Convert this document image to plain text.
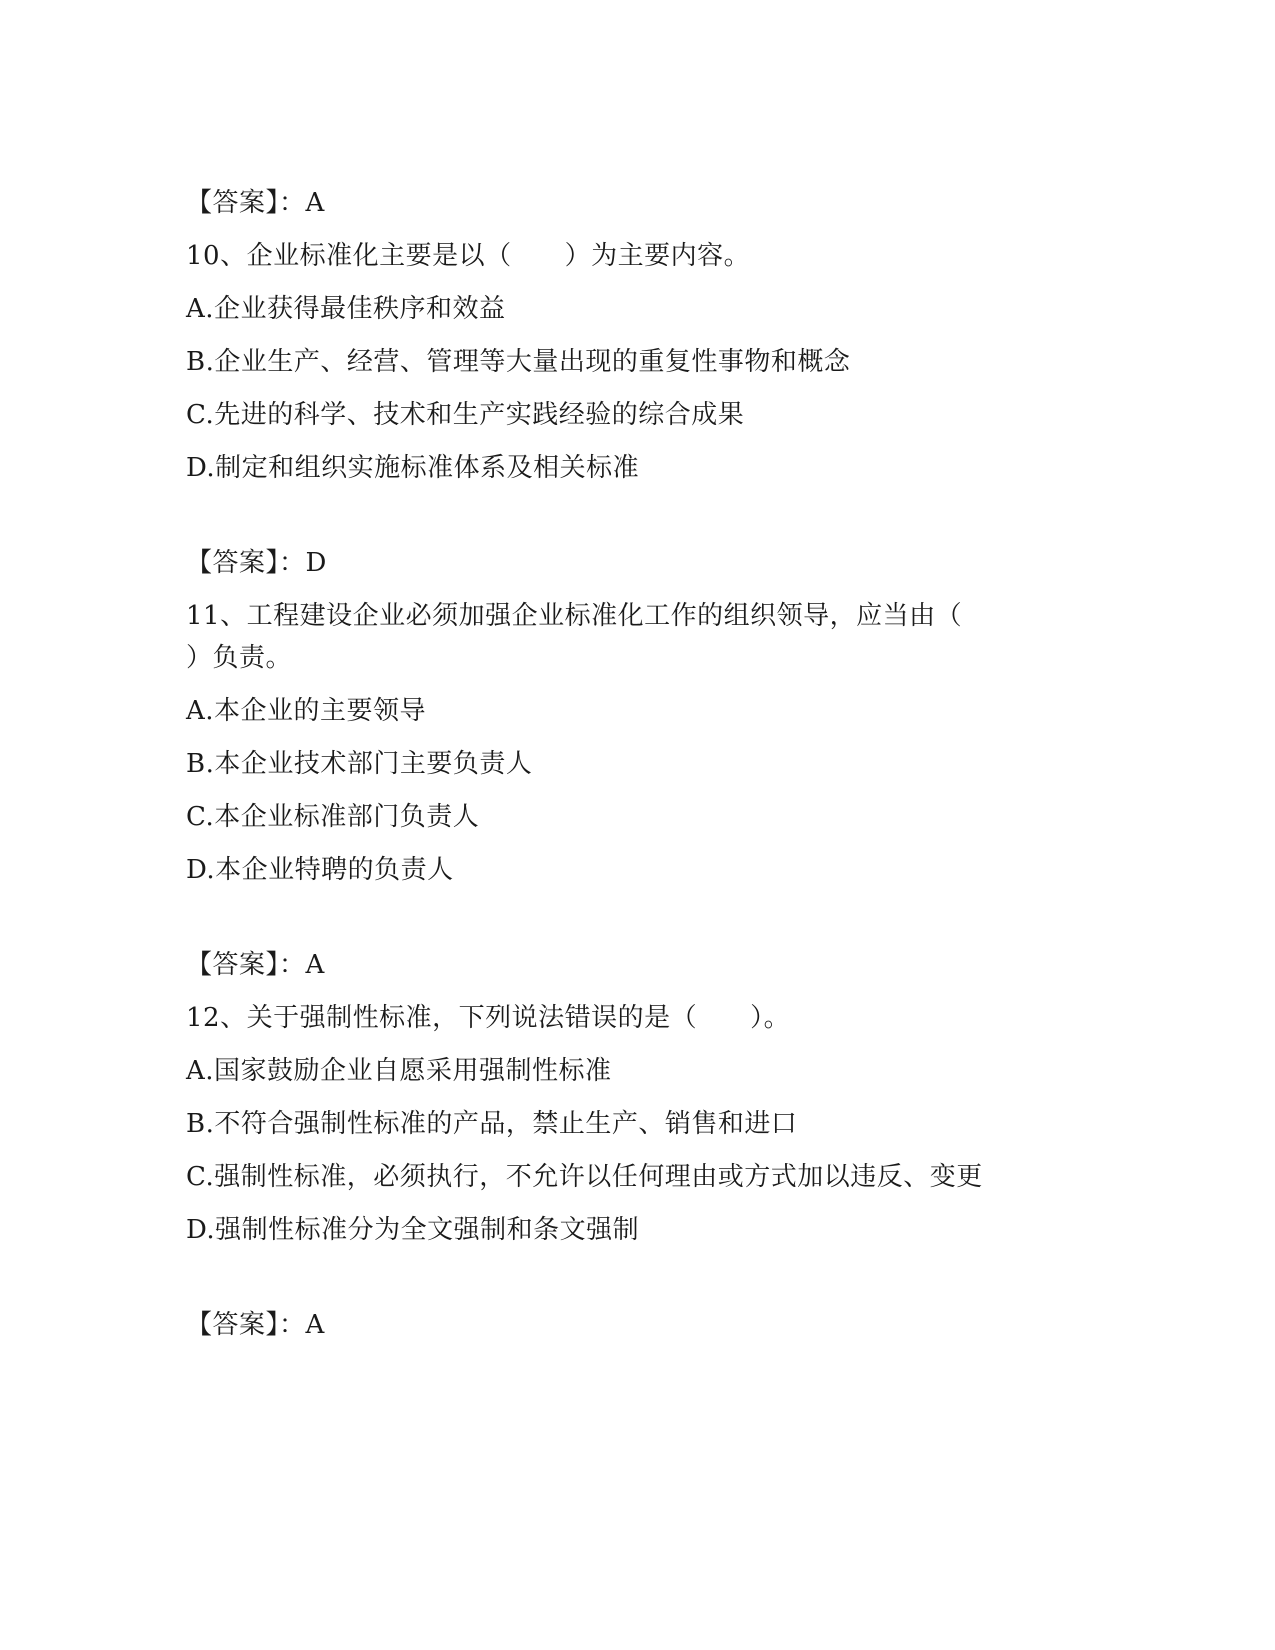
【答案】：A
10、企业标准化主要是以（　　）为主要内容。
A.企业获得最佳秩序和效益
B.企业生产、经营、管理等大量出现的重复性事物和概念
C.先进的科学、技术和生产实践经验的综合成果
D.制定和组织实施标准体系及相关标准
【答案】：D
11、工程建设企业必须加强企业标准化工作的组织领导，应当由（
）负责。
A.本企业的主要领导
B.本企业技术部门主要负责人
C.本企业标准部门负责人
D.本企业特聘的负责人
【答案】：A
12、关于强制性标准，下列说法错误的是（　　）。
A.国家鼓励企业自愿采用强制性标准
B.不符合强制性标准的产品，禁止生产、销售和进口
C.强制性标准，必须执行，不允许以任何理由或方式加以违反、变更
D.强制性标准分为全文强制和条文强制
【答案】：A
